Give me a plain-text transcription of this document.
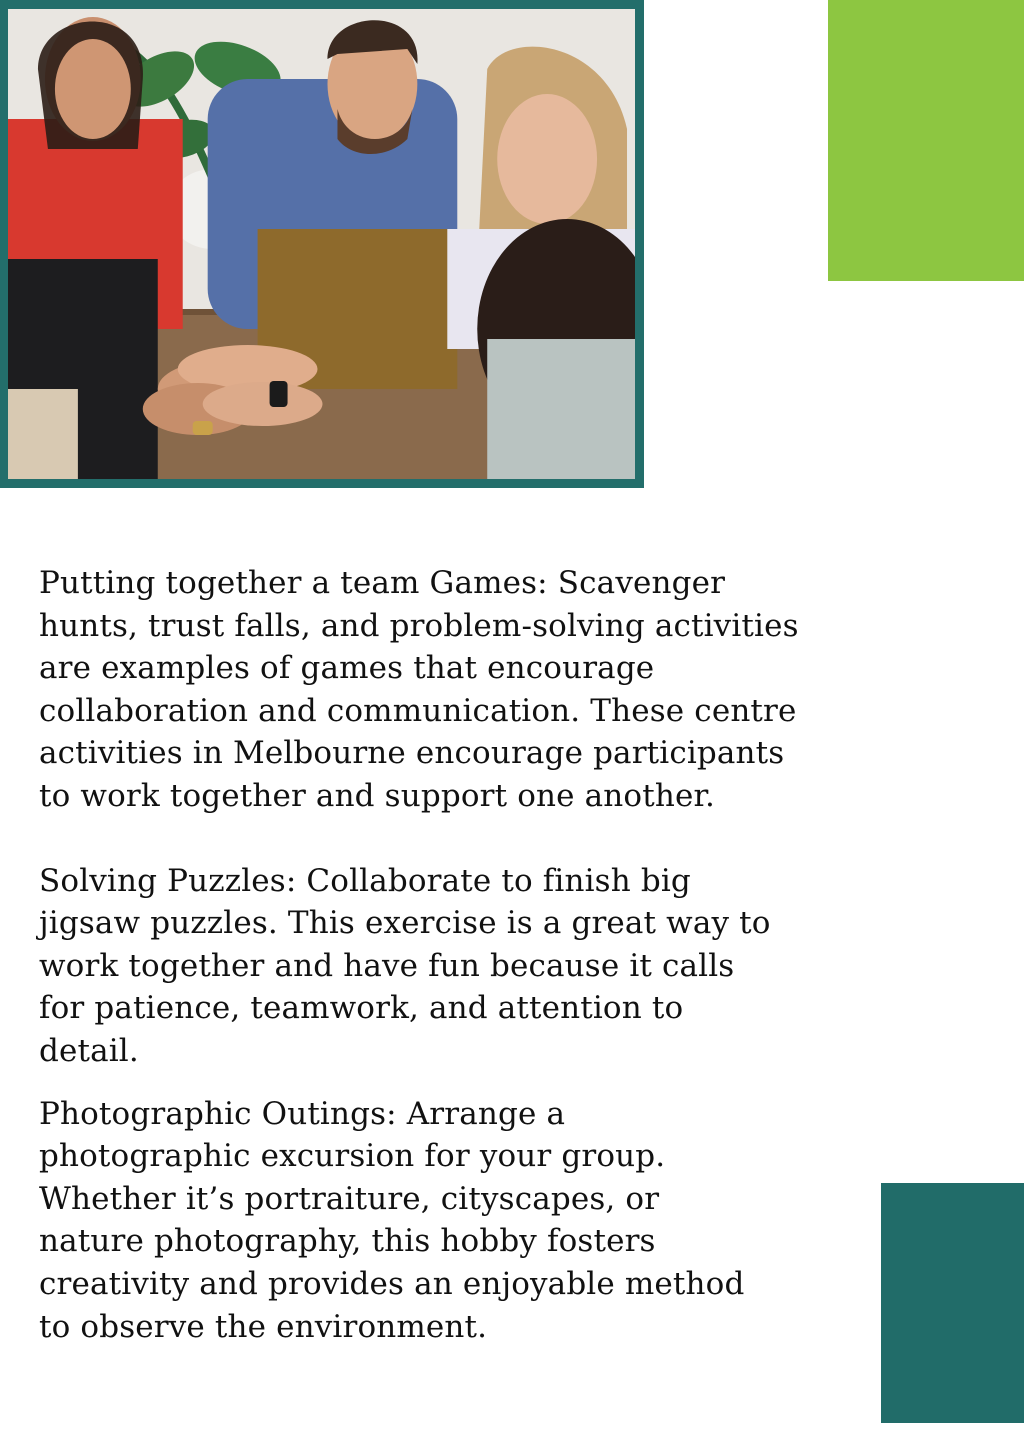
Putting together a team Games: Scavenger
hunts, trust falls, and problem-solving activities
are examples of games that encourage
collaboration and communication. These centre
activities in Melbourne encourage participants
to work together and support one another.

Solving Puzzles: Collaborate to finish big
jigsaw puzzles. This exercise is a great way to
work together and have fun because it calls
for patience, teamwork, and attention to
detail.

Photographic Outings: Arrange a
photographic excursion for your group.
Whether it’s portraiture, cityscapes, or
nature photography, this hobby fosters
creativity and provides an enjoyable method
to observe the environment.
